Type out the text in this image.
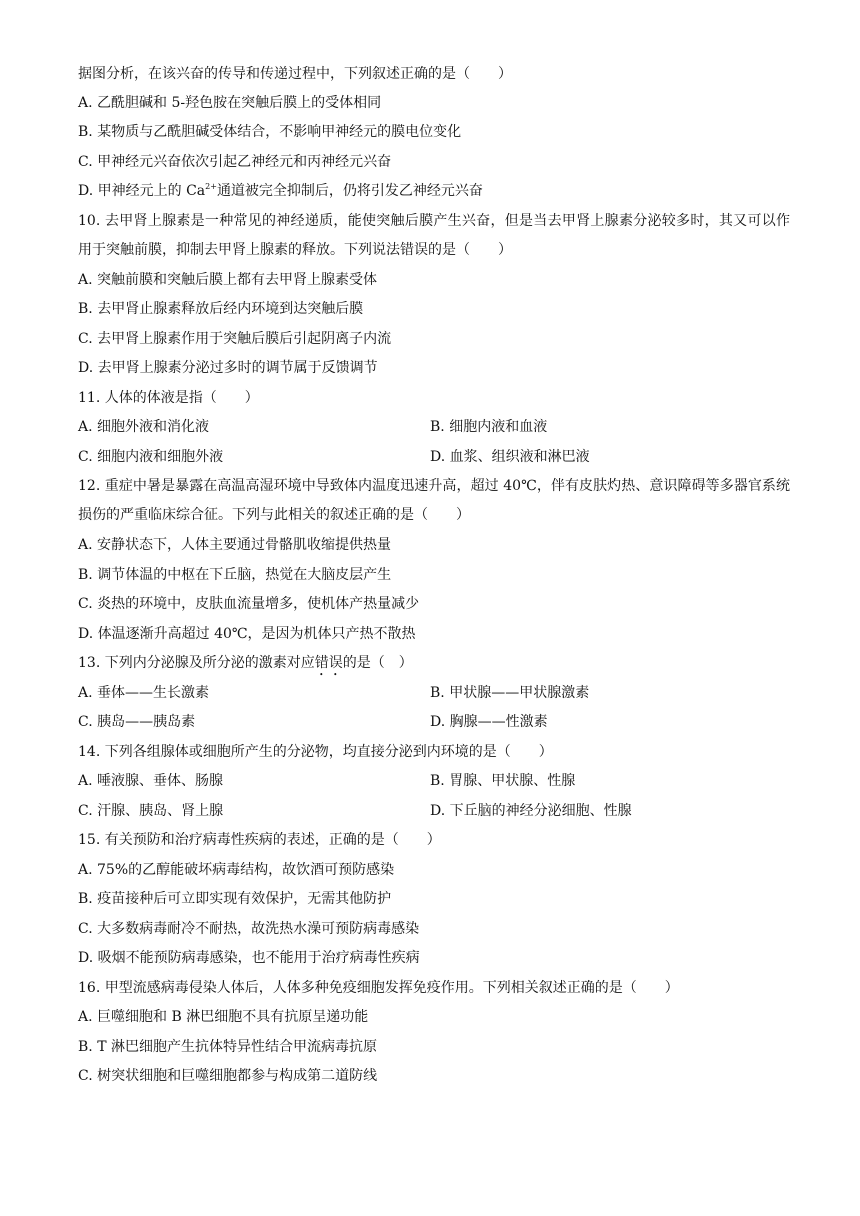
据图分析，在该兴奋的传导和传递过程中，下列叙述正确的是（　　）
A. 乙酰胆碱和 5-羟色胺在突触后膜上的受体相同
B. 某物质与乙酰胆碱受体结合，不影响甲神经元的膜电位变化
C. 甲神经元兴奋依次引起乙神经元和丙神经元兴奋
D. 甲神经元上的 $Ca^{2+}$通道被完全抑制后，仍将引发乙神经元兴奋
10. 去甲肾上腺素是一种常见的神经递质，能使突触后膜产生兴奋，但是当去甲肾上腺素分泌较多时，其又可以作用于突触前膜，抑制去甲肾上腺素的释放。下列说法错误的是（　　）
A. 突触前膜和突触后膜上都有去甲肾上腺素受体
B. 去甲肾止腺素释放后经内环境到达突触后膜
C. 去甲肾上腺素作用于突触后膜后引起阴离子内流
D. 去甲肾上腺素分泌过多时的调节属于反馈调节
11. 人体的体液是指（　　）
A. 细胞外液和消化液	B. 细胞内液和血液
C. 细胞内液和细胞外液	D. 血浆、组织液和淋巴液
12. 重症中暑是暴露在高温高湿环境中导致体内温度迅速升高，超过 40℃，伴有皮肤灼热、意识障碍等多器官系统损伤的严重临床综合征。下列与此相关的叙述正确的是（　　）
A. 安静状态下，人体主要通过骨骼肌收缩提供热量
B. 调节体温的中枢在下丘脑，热觉在大脑皮层产生
C. 炎热的环境中，皮肤血流量增多，使机体产热量减少
D. 体温逐渐升高超过 40℃，是因为机体只产热不散热
13. 下列内分泌腺及所分泌的激素对应错误的是（　）
A. 垂体——生长激素	B. 甲状腺——甲状腺激素
C. 胰岛——胰岛素	D. 胸腺——性激素
14. 下列各组腺体或细胞所产生的分泌物，均直接分泌到内环境的是（　　）
A. 唾液腺、垂体、肠腺	B. 胃腺、甲状腺、性腺
C. 汗腺、胰岛、肾上腺	D. 下丘脑的神经分泌细胞、性腺
15. 有关预防和治疗病毒性疾病的表述，正确的是（　　）
A. 75%的乙醇能破坏病毒结构，故饮酒可预防感染
B. 疫苗接种后可立即实现有效保护，无需其他防护
C. 大多数病毒耐冷不耐热，故洗热水澡可预防病毒感染
D. 吸烟不能预防病毒感染，也不能用于治疗病毒性疾病
16. 甲型流感病毒侵染人体后，人体多种免疫细胞发挥免疫作用。下列相关叙述正确的是（　　）
A. 巨噬细胞和 B 淋巴细胞不具有抗原呈递功能
B. T 淋巴细胞产生抗体特异性结合甲流病毒抗原
C. 树突状细胞和巨噬细胞都参与构成第二道防线
